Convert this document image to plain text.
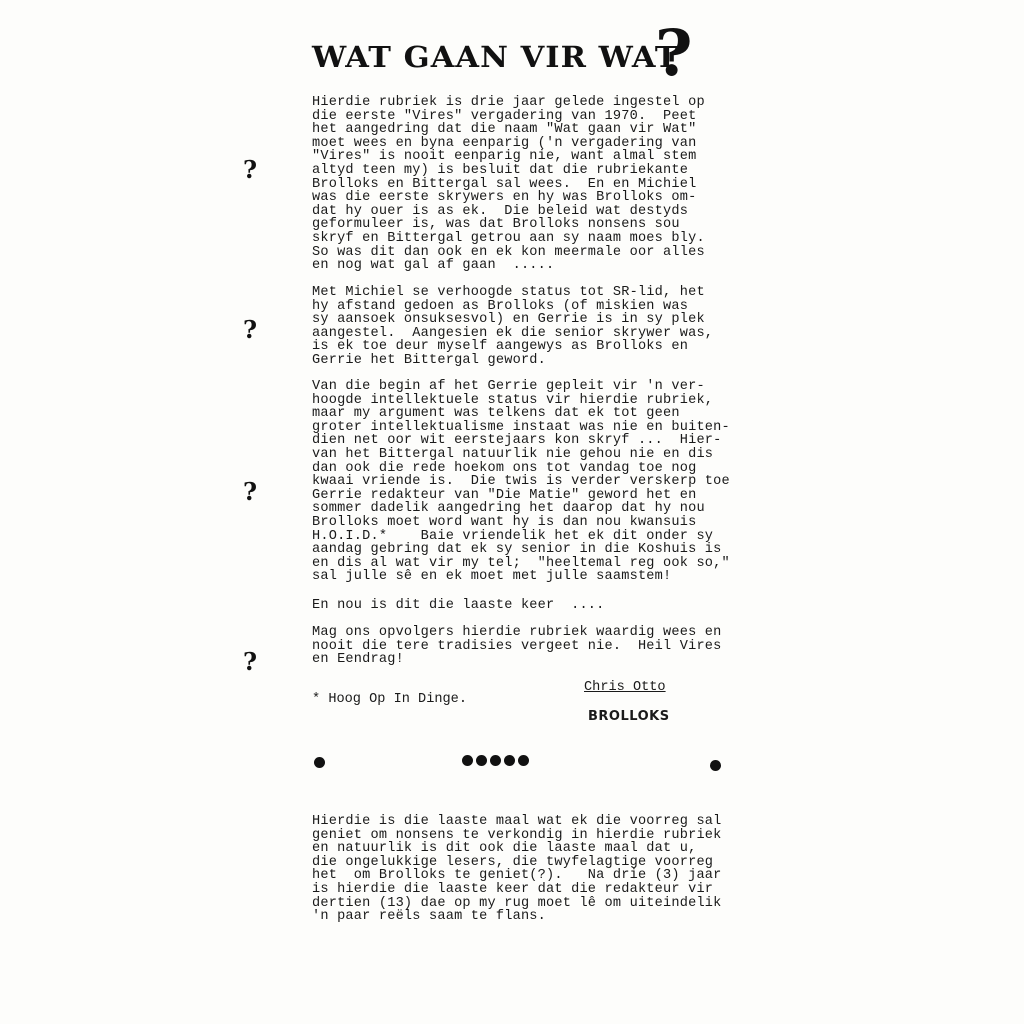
WAT GAAN VIR WAT
?
?
?
?
?

Hierdie rubriek is drie jaar gelede ingestel op
die eerste "Vires" vergadering van 1970.  Peet
het aangedring dat die naam "Wat gaan vir Wat"
moet wees en byna eenparig ('n vergadering van
"Vires" is nooit eenparig nie, want almal stem
altyd teen my) is besluit dat die rubriekante
Brolloks en Bittergal sal wees.  En en Michiel
was die eerste skrywers en hy was Brolloks om-
dat hy ouer is as ek.  Die beleid wat destyds
geformuleer is, was dat Brolloks nonsens sou
skryf en Bittergal getrou aan sy naam moes bly.
So was dit dan ook en ek kon meermale oor alles
en nog wat gal af gaan  .....

Met Michiel se verhoogde status tot SR-lid, het
hy afstand gedoen as Brolloks (of miskien was
sy aansoek onsuksesvol) en Gerrie is in sy plek
aangestel.  Aangesien ek die senior skrywer was,
is ek toe deur myself aangewys as Brolloks en
Gerrie het Bittergal geword.

Van die begin af het Gerrie gepleit vir 'n ver-
hoogde intellektuele status vir hierdie rubriek,
maar my argument was telkens dat ek tot geen
groter intellektualisme instaat was nie en buiten-
dien net oor wit eerstejaars kon skryf ...  Hier-
van het Bittergal natuurlik nie gehou nie en dis
dan ook die rede hoekom ons tot vandag toe nog
kwaai vriende is.  Die twis is verder verskerp toe
Gerrie redakteur van "Die Matie" geword het en
sommer dadelik aangedring het daarop dat hy nou
Brolloks moet word want hy is dan nou kwansuis
H.O.I.D.*    Baie vriendelik het ek dit onder sy
aandag gebring dat ek sy senior in die Koshuis is
en dis al wat vir my tel;  "heeltemal reg ook so,"
sal julle sê en ek moet met julle saamstem!

En nou is dit die laaste keer  ....

Mag ons opvolgers hierdie rubriek waardig wees en
nooit die tere tradisies vergeet nie.  Heil Vires
en Eendrag!

* Hoog Op In Dinge.
Chris Otto
BROLLOKS

Hierdie is die laaste maal wat ek die voorreg sal
geniet om nonsens te verkondig in hierdie rubriek
en natuurlik is dit ook die laaste maal dat u,
die ongelukkige lesers, die twyfelagtige voorreg
het  om Brolloks te geniet(?).   Na drie (3) jaar
is hierdie die laaste keer dat die redakteur vir
dertien (13) dae op my rug moet lê om uiteindelik
'n paar reëls saam te flans.
